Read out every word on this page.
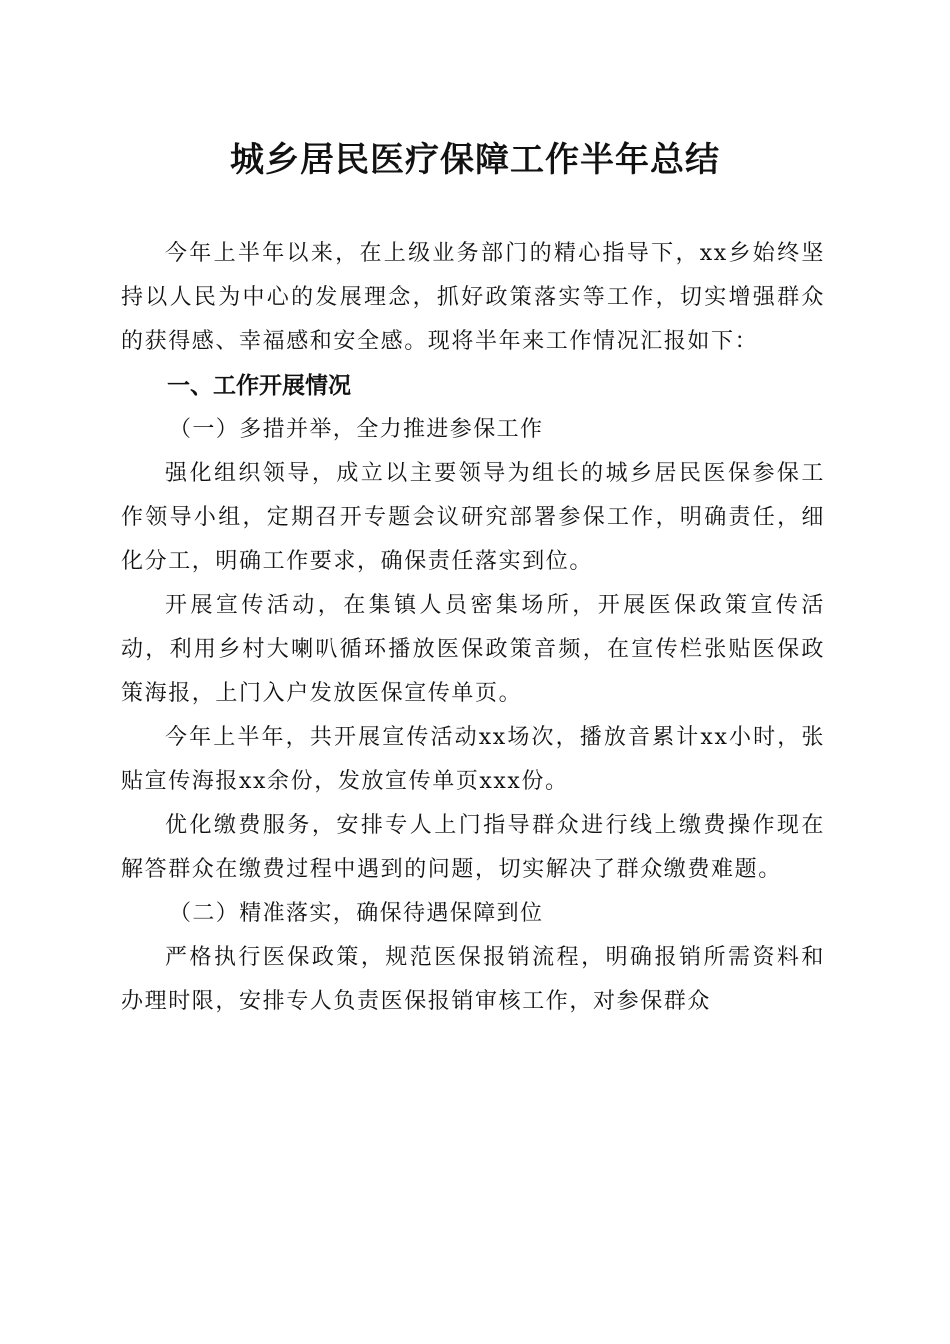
城乡居民医疗保障工作半年总结

今年上半年以来，在上级业务部门的精心指导下，xx乡始终坚持以人民为中心的发展理念，抓好政策落实等工作，切实增强群众的获得感、幸福感和安全感。现将半年来工作情况汇报如下：

一、工作开展情况

（一）多措并举，全力推进参保工作

强化组织领导，成立以主要领导为组长的城乡居民医保参保工作领导小组，定期召开专题会议研究部署参保工作，明确责任，细化分工，明确工作要求，确保责任落实到位。

开展宣传活动，在集镇人员密集场所，开展医保政策宣传活动，利用乡村大喇叭循环播放医保政策音频，在宣传栏张贴医保政策海报，上门入户发放医保宣传单页。

今年上半年，共开展宣传活动xx场次，播放音累计xx小时，张贴宣传海报xx余份，发放宣传单页xxx份。

优化缴费服务，安排专人上门指导群众进行线上缴费操作现在解答群众在缴费过程中遇到的问题，切实解决了群众缴费难题。

（二）精准落实，确保待遇保障到位

严格执行医保政策，规范医保报销流程，明确报销所需资料和办理时限，安排专人负责医保报销审核工作，对参保群众
